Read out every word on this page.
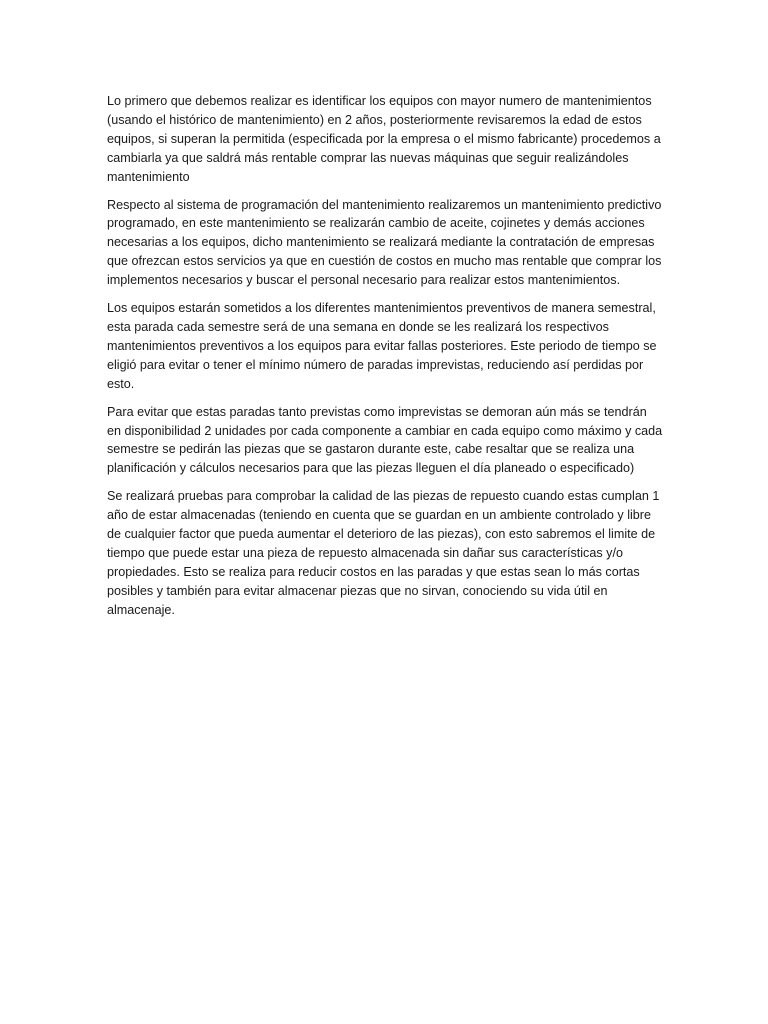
Lo primero que debemos realizar es identificar los equipos con mayor numero de mantenimientos (usando el histórico de mantenimiento) en 2 años, posteriormente revisaremos la edad de estos equipos, si superan la permitida (especificada por la empresa o el mismo fabricante) procedemos a cambiarla ya que saldrá más rentable comprar las nuevas máquinas que seguir realizándoles mantenimiento

Respecto al sistema de programación del mantenimiento realizaremos un mantenimiento predictivo programado, en este mantenimiento se realizarán cambio de aceite, cojinetes y demás acciones necesarias a los equipos, dicho mantenimiento se realizará mediante la contratación de empresas que ofrezcan estos servicios ya que en cuestión de costos en mucho mas rentable que comprar los implementos necesarios y buscar el personal necesario para realizar estos mantenimientos.

Los equipos estarán sometidos a los diferentes mantenimientos preventivos de manera semestral, esta parada cada semestre será de una semana en donde se les realizará los respectivos mantenimientos preventivos a los equipos para evitar fallas posteriores. Este periodo de tiempo se eligió para evitar o tener el mínimo número de paradas imprevistas, reduciendo así perdidas por esto.

Para evitar que estas paradas tanto previstas como imprevistas se demoran aún más se tendrán en disponibilidad 2 unidades por cada componente a cambiar en cada equipo como máximo y cada semestre se pedirán las piezas que se gastaron durante este, cabe resaltar que se realiza una planificación y cálculos necesarios para que las piezas lleguen el día planeado o especificado)

Se realizará pruebas para comprobar la calidad de las piezas de repuesto cuando estas cumplan 1 año de estar almacenadas (teniendo en cuenta que se guardan en un ambiente controlado y libre de cualquier factor que pueda aumentar el deterioro de las piezas), con esto sabremos el limite de tiempo que puede estar una pieza de repuesto almacenada sin dañar sus características y/o propiedades. Esto se realiza para reducir costos en las paradas y que estas sean lo más cortas posibles y también para evitar almacenar piezas que no sirvan, conociendo su vida útil en almacenaje.
